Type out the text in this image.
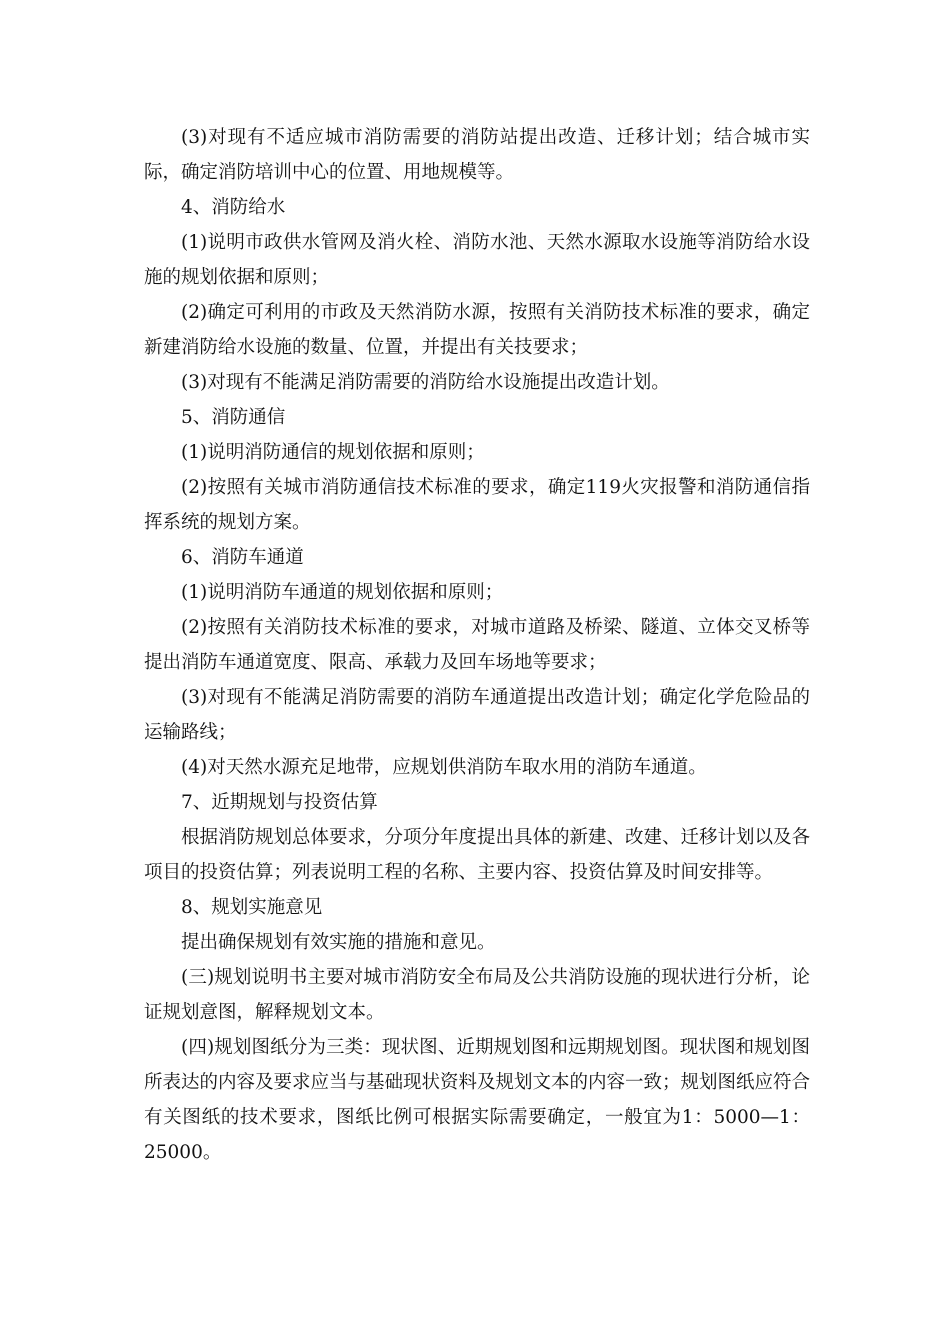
(3)对现有不适应城市消防需要的消防站提出改造、迁移计划；结合城市实际，确定消防培训中心的位置、用地规模等。

4、消防给水

(1)说明市政供水管网及消火栓、消防水池、天然水源取水设施等消防给水设施的规划依据和原则；

(2)确定可利用的市政及天然消防水源，按照有关消防技术标准的要求，确定新建消防给水设施的数量、位置，并提出有关技要求；

(3)对现有不能满足消防需要的消防给水设施提出改造计划。

5、消防通信

(1)说明消防通信的规划依据和原则；

(2)按照有关城市消防通信技术标准的要求，确定119火灾报警和消防通信指挥系统的规划方案。

6、消防车通道

(1)说明消防车通道的规划依据和原则；

(2)按照有关消防技术标准的要求，对城市道路及桥梁、隧道、立体交叉桥等提出消防车通道宽度、限高、承载力及回车场地等要求；

(3)对现有不能满足消防需要的消防车通道提出改造计划；确定化学危险品的运输路线；

(4)对天然水源充足地带，应规划供消防车取水用的消防车通道。

7、近期规划与投资估算

根据消防规划总体要求，分项分年度提出具体的新建、改建、迁移计划以及各项目的投资估算；列表说明工程的名称、主要内容、投资估算及时间安排等。

8、规划实施意见

提出确保规划有效实施的措施和意见。

(三)规划说明书主要对城市消防安全布局及公共消防设施的现状进行分析，论证规划意图，解释规划文本。

(四)规划图纸分为三类：现状图、近期规划图和远期规划图。现状图和规划图所表达的内容及要求应当与基础现状资料及规划文本的内容一致；规划图纸应符合有关图纸的技术要求，图纸比例可根据实际需要确定，一般宜为1：5000—1：25000。
